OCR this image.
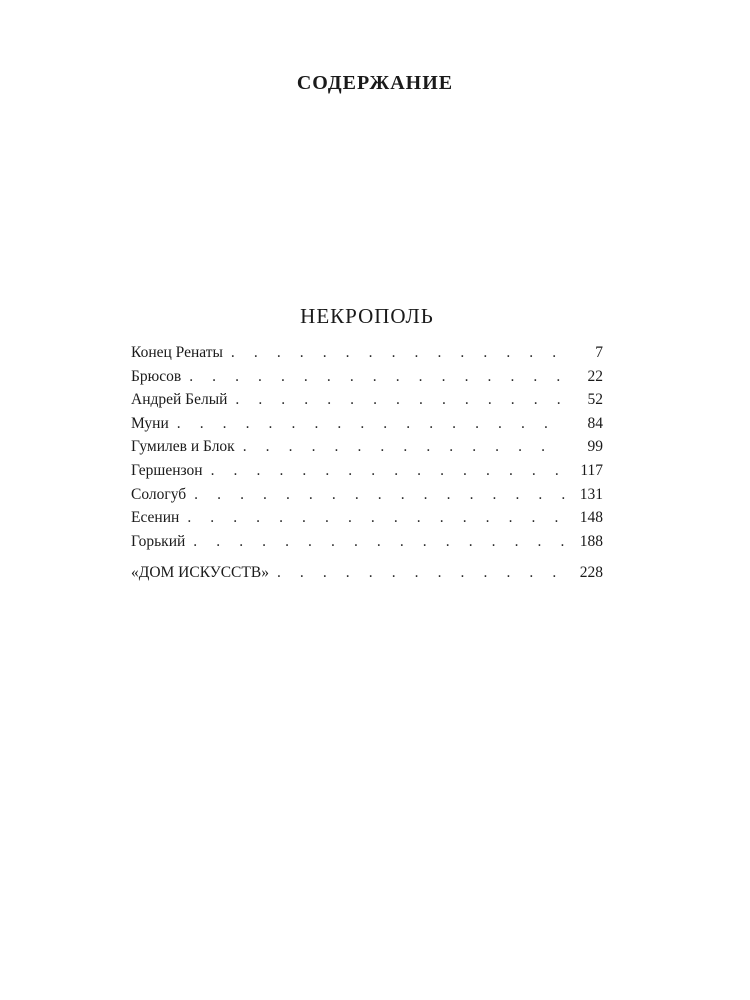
СОДЕРЖАНИЕ
НЕКРОПОЛЬ
Конец Ренаты . . .	7
Брюсов . . .	22
Андрей Белый . . .	52
Муни . . .	84
Гумилев и Блок . . .	99
Гершензон . . .	117
Сологуб . . .	131
Есенин . . .	148
Горький . . .	188
«ДОМ ИСКУССТВ» . . .	228
